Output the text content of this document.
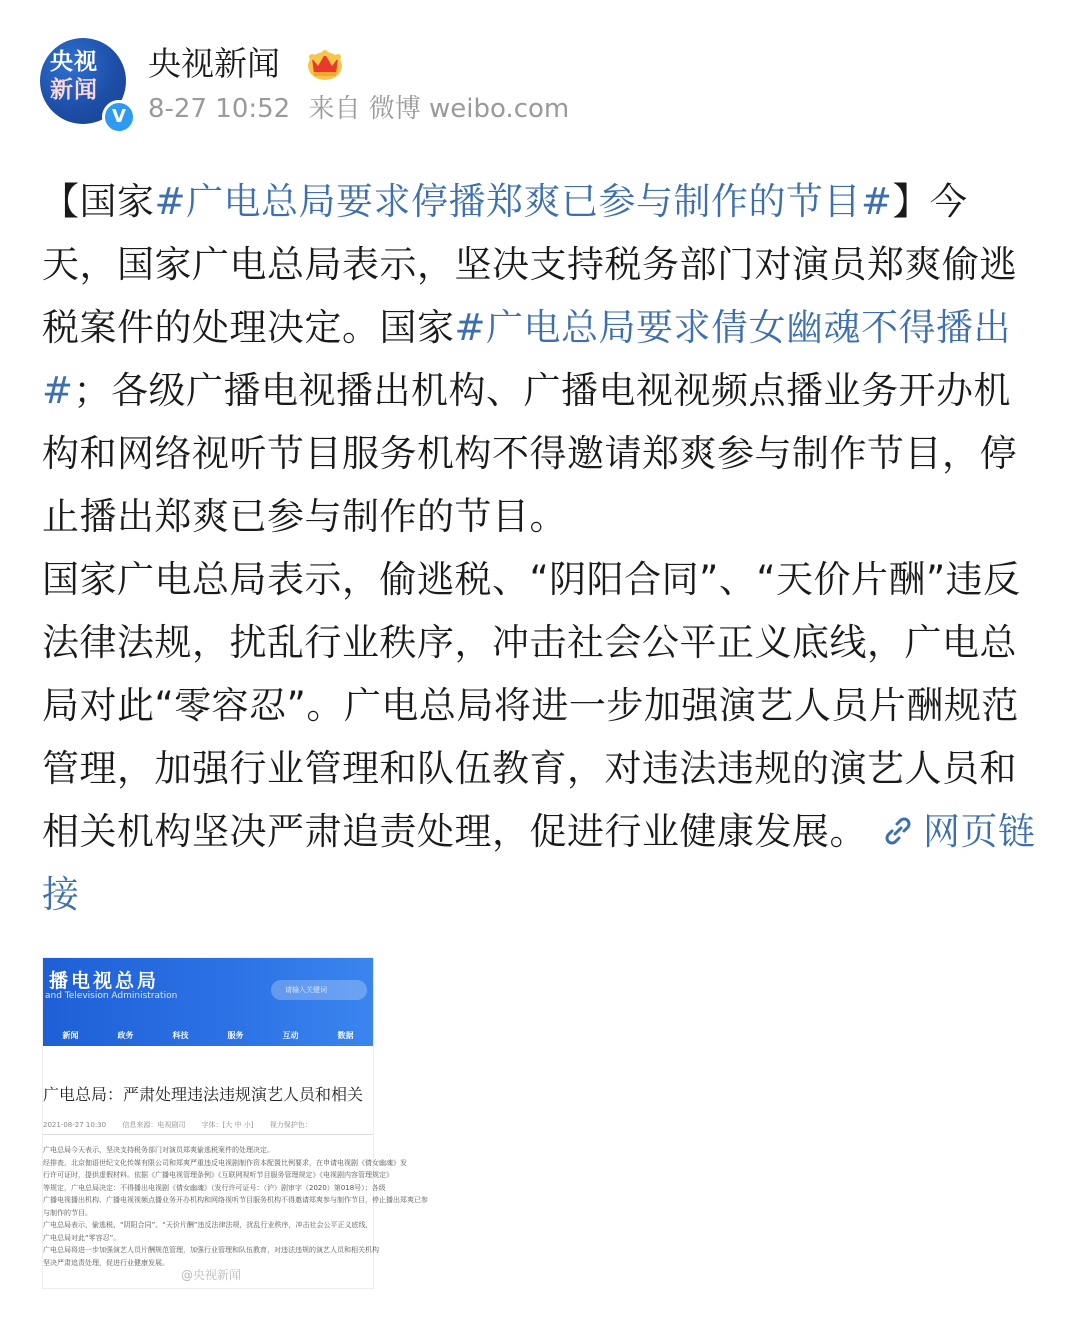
央视
新闻
V
央视新闻
8-27 10:52 来自 微博 weibo.com

【国家#广电总局要求停播郑爽已参与制作的节目#】今天，国家广电总局表示，坚决支持税务部门对演员郑爽偷逃税案件的处理决定。国家#广电总局要求倩女幽魂不得播出#；各级广播电视播出机构、广播电视视频点播业务开办机构和网络视听节目服务机构不得邀请郑爽参与制作节目，停止播出郑爽已参与制作的节目。

国家广电总局表示，偷逃税、“阴阳合同”、“天价片酬”违反法律法规，扰乱行业秩序，冲击社会公平正义底线，广电总局对此“零容忍”。广电总局将进一步加强演艺人员片酬规范管理，加强行业管理和队伍教育，对违法违规的演艺人员和相关机构坚决严肃追责处理，促进行业健康发展。 网页链接

播电视总局
and Television Administration
请输入关键词
新闻	政务	科技	服务	互动	数据
广电总局：严肃处理违法违规演艺人员和相关
2021-08-27 10:30 信息来源：电视剧司 字体：[大 中 小] 视力保护色：
广电总局今天表示，坚决支持税务部门对演员郑爽偷逃税案件的处理决定。
经排查，北京伽语世纪文化传媒有限公司和郑爽严重违反电视剧制作资本配置比例要求，在申请电视剧《倩女幽魂》发
行许可证时，提供虚假材料。依据《广播电视管理条例》《互联网视听节目服务管理规定》《电视剧内容管理规定》
等规定，广电总局决定：不得播出电视剧《倩女幽魂》（发行许可证号：（沪）剧审字（2020）第018号）；各级
广播电视播出机构、广播电视视频点播业务开办机构和网络视听节目服务机构不得邀请郑爽参与制作节目，停止播出郑爽已参
与制作的节目。
广电总局表示，偷逃税、“阴阳合同”、“天价片酬”违反法律法规，扰乱行业秩序，冲击社会公平正义底线，
广电总局对此“零容忍”。
广电总局将进一步加强演艺人员片酬规范管理，加强行业管理和队伍教育，对违法违规的演艺人员和相关机构
坚决严肃追责处理，促进行业健康发展。
@央视新闻
